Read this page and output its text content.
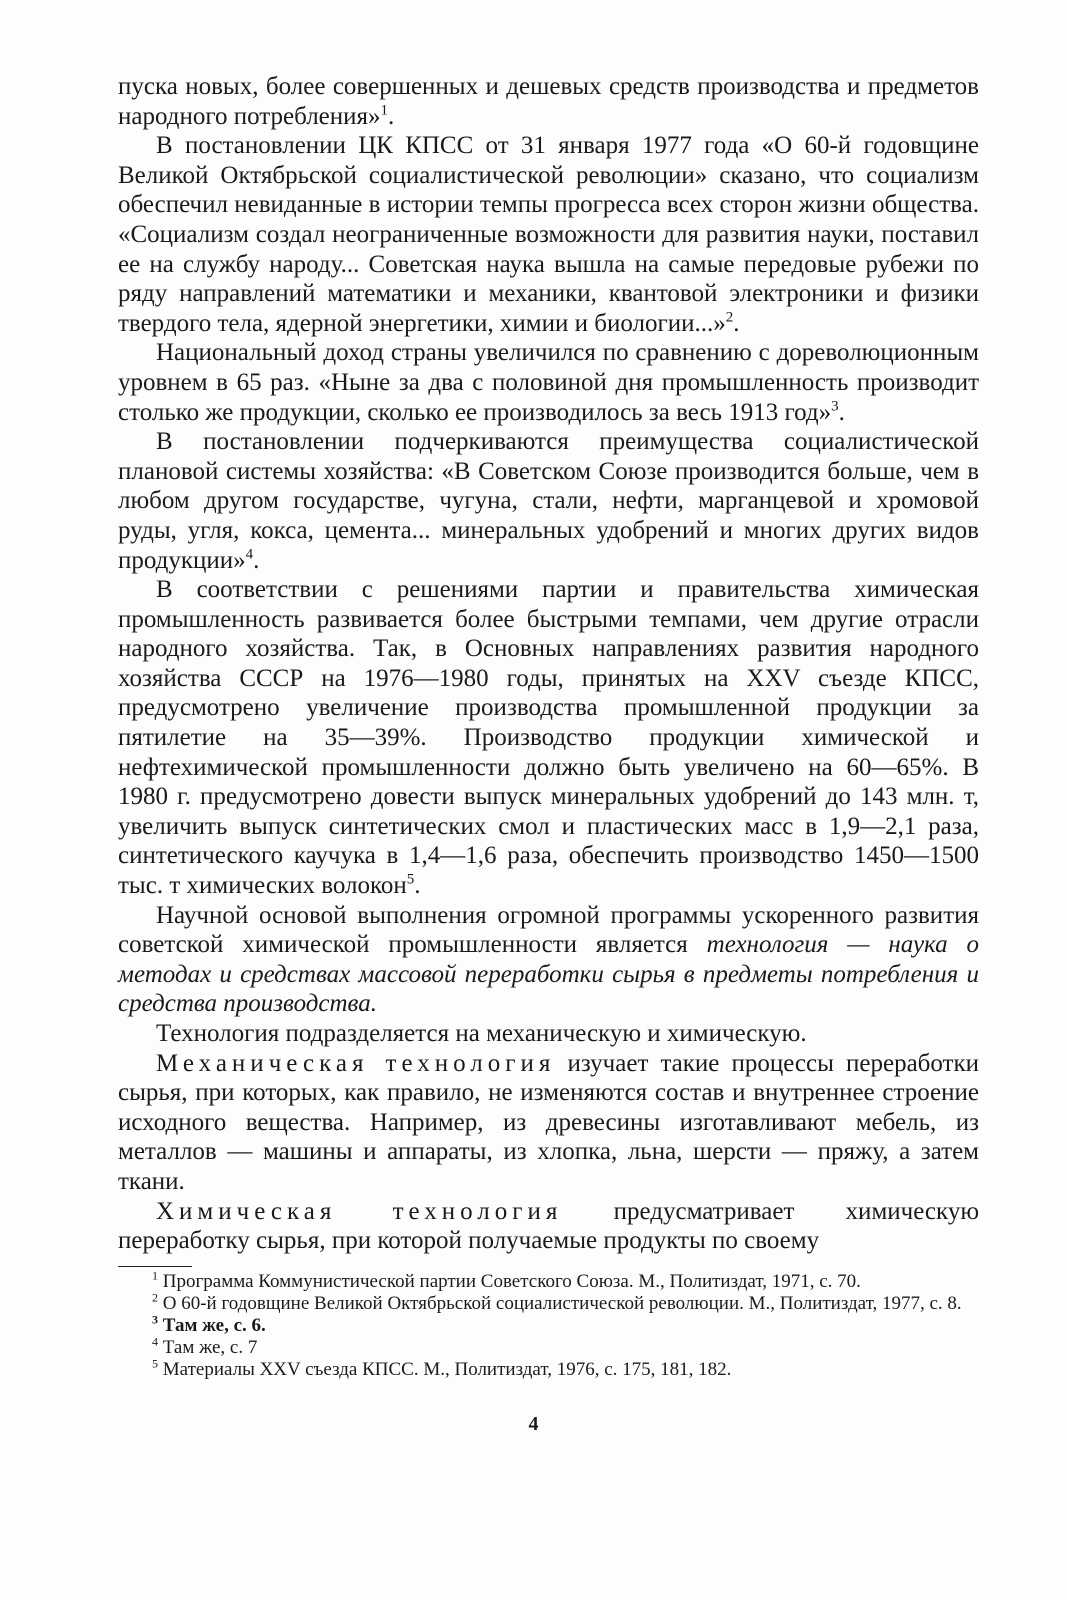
пуска новых, более совершенных и дешевых средств производства и предметов народного потребления»$^1$.

В постановлении ЦК КПСС от 31 января 1977 года «О 60-й годовщине Великой Октябрьской социалистической революции» сказано, что социализм обеспечил невиданные в истории темпы прогресса всех сторон жизни общества. «Социализм создал неограниченные возможности для развития науки, поставил ее на службу народу... Советская наука вышла на самые передовые рубежи по ряду направлений математики и механики, квантовой электроники и физики твердого тела, ядерной энергетики, химии и биологии...»$^2$.

Национальный доход страны увеличился по сравнению с дореволюционным уровнем в 65 раз. «Ныне за два с половиной дня промышленность производит столько же продукции, сколько ее производилось за весь 1913 год»$^3$.

В постановлении подчеркиваются преимущества социалистической плановой системы хозяйства: «В Советском Союзе производится больше, чем в любом другом государстве, чугуна, стали, нефти, марганцевой и хромовой руды, угля, кокса, цемента... минеральных удобрений и многих других видов продукции»$^4$.

В соответствии с решениями партии и правительства химическая промышленность развивается более быстрыми темпами, чем другие отрасли народного хозяйства. Так, в Основных направлениях развития народного хозяйства СССР на 1976—1980 годы, принятых на XXV съезде КПСС, предусмотрено увеличение производства промышленной продукции за пятилетие на 35—39%. Производство продукции химической и нефтехимической промышленности должно быть увеличено на 60—65%. В 1980 г. предусмотрено довести выпуск минеральных удобрений до 143 млн. т, увеличить выпуск синтетических смол и пластических масс в 1,9—2,1 раза, синтетического каучука в 1,4—1,6 раза, обеспечить производство 1450—1500 тыс. т химических волокон$^5$.

Научной основой выполнения огромной программы ускоренного развития советской химической промышленности является технология — наука о методах и средствах массовой переработки сырья в предметы потребления и средства производства.

Технология подразделяется на механическую и химическую.

Механическая технология изучает такие процессы переработки сырья, при которых, как правило, не изменяются состав и внутреннее строение исходного вещества. Например, из древесины изготавливают мебель, из металлов — машины и аппараты, из хлопка, льна, шерсти — пряжу, а затем ткани.

Химическая технология предусматривает химическую переработку сырья, при которой получаемые продукты по своему

$^1$ Программа Коммунистической партии Советского Союза. М., Политиздат, 1971, с. 70.

$^2$ О 60-й годовщине Великой Октябрьской социалистической революции. М., Политиздат, 1977, с. 8.

$^3$ Там же, с. 6.

$^4$ Там же, с. 7

$^5$ Материалы XXV съезда КПСС. М., Политиздат, 1976, с. 175, 181, 182.

4
